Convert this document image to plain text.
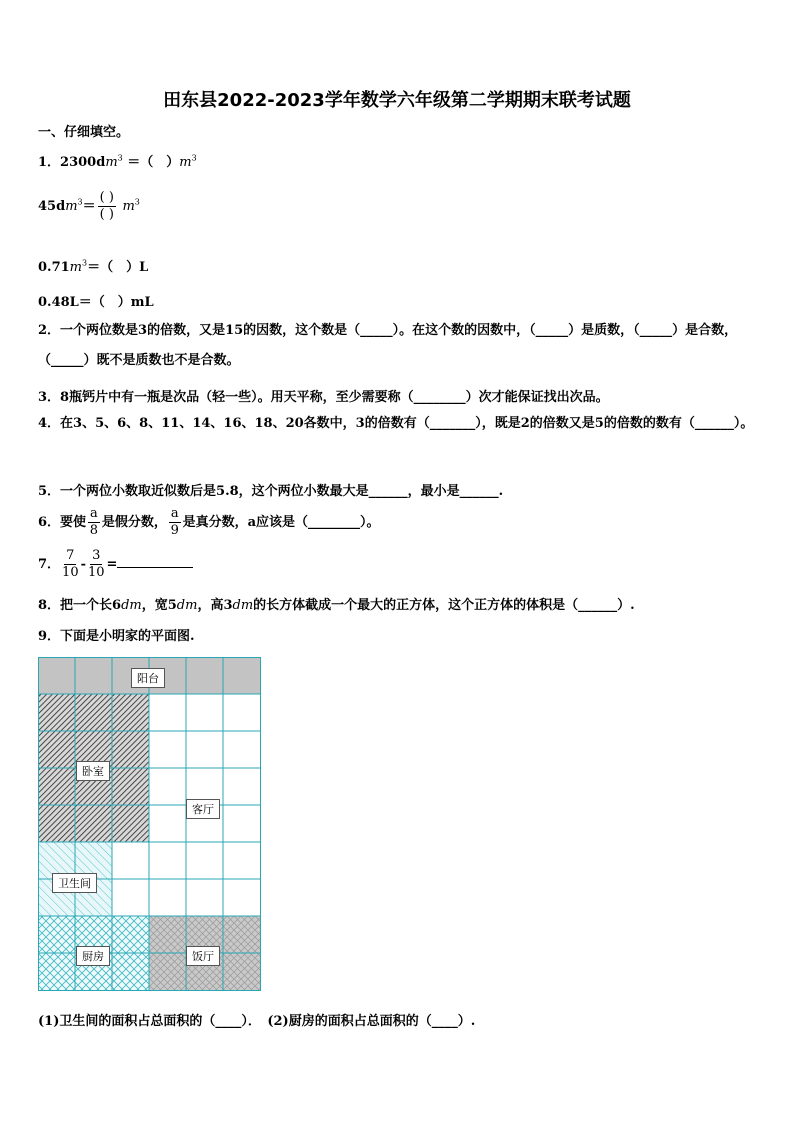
田东县2022-2023学年数学六年级第二学期期末联考试题
一、仔细填空。
1．$2300dm^3$ ＝（　）$m^3$
$45dm^3= \frac{( )}{( )} m^3$
$0.71m^3=$（　）L
0.48L＝（　）mL
2．一个两位数是3的倍数，又是15的因数，这个数是（_____）。在这个数的因数中，（_____）是质数，（_____）是合数，（_____）既不是质数也不是合数。
3．8瓶钙片中有一瓶是次品（轻一些）。用天平称，至少需要称（________）次才能保证找出次品。
4．在3、5、6、8、11、14、16、18、20各数中，3的倍数有（_______），既是2的倍数又是5的倍数的数有（______）。
5．一个两位小数取近似数后是5.8，这个两位小数最大是______，最小是______.
6．要使 $\frac{a}{8}$ 是假分数， $\frac{a}{9}$ 是真分数，a应该是（________）。
7． $\frac{7}{10} - \frac{3}{10}$ =
8．把一个长6dm，宽5dm，高3dm的长方体截成一个最大的正方体，这个正方体的体积是（______）.
9．下面是小明家的平面图.
阳台
卧室
客厅
卫生间
厨房	饭厅
(1)卫生间的面积占总面积的（____）．　(2)厨房的面积占总面积的（____）.
